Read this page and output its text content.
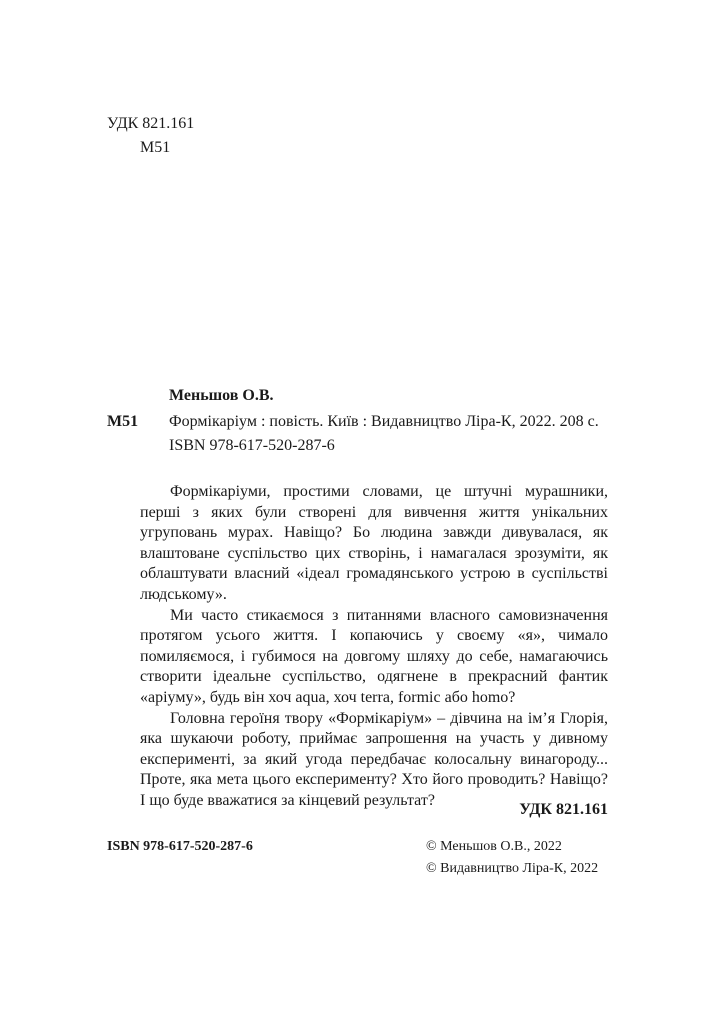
УДК 821.161
М51
Меньшов О.В.
М51 Формікаріум : повість. Київ : Видавництво Ліра-К, 2022. 208 с.
ISBN 978-617-520-287-6

Формікаріуми, простими словами, це штучні мурашники, перші з яких були створені для вивчення життя унікальних угруповань мурах. Навіщо? Бо людина завжди дивувалася, як влаштоване суспільство цих створінь, і намагалася зрозуміти, як облаштувати власний «ідеал громадянського устрою в суспільстві людському».

Ми часто стикаємося з питаннями власного самовизначення протягом усього життя. І копаючись у своєму «я», чимало помиляємося, і губимося на довгому шляху до себе, намагаючись створити ідеальне суспільство, одягнене в прекрасний фантик «аріуму», будь він хоч aqua, хоч terra, formic або homo?

Головна героїня твору «Формікаріум» – дівчина на ім’я Глорія, яка шукаючи роботу, приймає запрошення на участь у дивному експерименті, за який угода передбачає колосальну винагороду... Проте, яка мета цього експерименту? Хто його проводить? Навіщо? І що буде вважатися за кінцевий результат?

УДК 821.161
ISBN 978-617-520-287-6	© Меньшов О.В., 2022
© Видавництво Ліра-К, 2022
